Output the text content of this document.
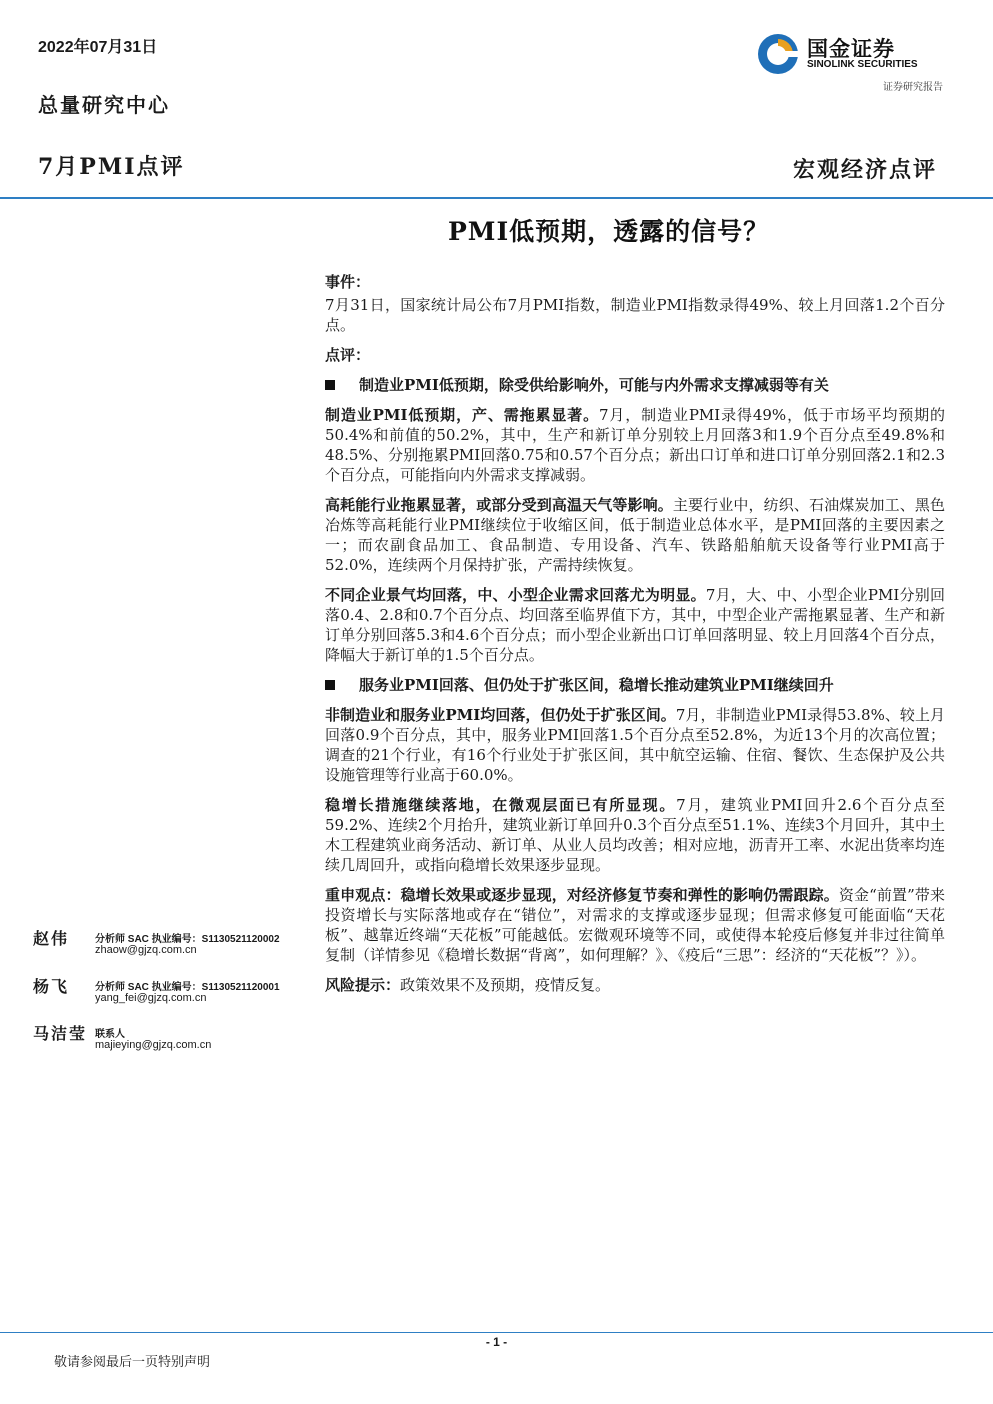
2022年07月31日
总量研究中心
7月PMI点评	宏观经济点评
国金证券
SINOLINK SECURITIES
证券研究报告
PMI低预期，透露的信号？

事件：

7月31日，国家统计局公布7月PMI指数，制造业PMI指数录得49%、较上月回落1.2个百分点。

点评：

制造业PMI低预期，除受供给影响外，可能与内外需求支撑减弱等有关

制造业PMI低预期，产、需拖累显著。7月，制造业PMI录得49%，低于市场平均预期的50.4%和前值的50.2%，其中，生产和新订单分别较上月回落3和1.9个百分点至49.8%和48.5%、分别拖累PMI回落0.75和0.57个百分点；新出口订单和进口订单分别回落2.1和2.3个百分点，可能指向内外需求支撑减弱。

高耗能行业拖累显著，或部分受到高温天气等影响。主要行业中，纺织、石油煤炭加工、黑色冶炼等高耗能行业PMI继续位于收缩区间，低于制造业总体水平，是PMI回落的主要因素之一；而农副食品加工、食品制造、专用设备、汽车、铁路船舶航天设备等行业PMI高于52.0%，连续两个月保持扩张，产需持续恢复。

不同企业景气均回落，中、小型企业需求回落尤为明显。7月，大、中、小型企业PMI分别回落0.4、2.8和0.7个百分点、均回落至临界值下方，其中，中型企业产需拖累显著、生产和新订单分别回落5.3和4.6个百分点；而小型企业新出口订单回落明显、较上月回落4个百分点，降幅大于新订单的1.5个百分点。

服务业PMI回落、但仍处于扩张区间，稳增长推动建筑业PMI继续回升

非制造业和服务业PMI均回落，但仍处于扩张区间。7月，非制造业PMI录得53.8%、较上月回落0.9个百分点，其中，服务业PMI回落1.5个百分点至52.8%，为近13个月的次高位置；调查的21个行业，有16个行业处于扩张区间，其中航空运输、住宿、餐饮、生态保护及公共设施管理等行业高于60.0%。

稳增长措施继续落地，在微观层面已有所显现。7月，建筑业PMI回升2.6个百分点至59.2%、连续2个月抬升，建筑业新订单回升0.3个百分点至51.1%、连续3个月回升，其中土木工程建筑业商务活动、新订单、从业人员均改善；相对应地，沥青开工率、水泥出货率均连续几周回升，或指向稳增长效果逐步显现。

重申观点：稳增长效果或逐步显现，对经济修复节奏和弹性的影响仍需跟踪。资金“前置”带来投资增长与实际落地或存在“错位”，对需求的支撑或逐步显现；但需求修复可能面临“天花板”、越靠近终端“天花板”可能越低。宏微观环境等不同，或使得本轮疫后修复并非过往简单复制（详情参见《稳增长数据“背离”，如何理解？》、《疫后“三思”：经济的“天花板”？》）。

风险提示：政策效果不及预期，疫情反复。

赵伟	分析师 SAC 执业编号：S1130521120002
zhaow@gjzq.com.cn
杨飞	分析师 SAC 执业编号：S1130521120001
yang_fei@gjzq.com.cn
马洁莹 联系人
majieying@gjzq.com.cn
- 1 -
敬请参阅最后一页特别声明
